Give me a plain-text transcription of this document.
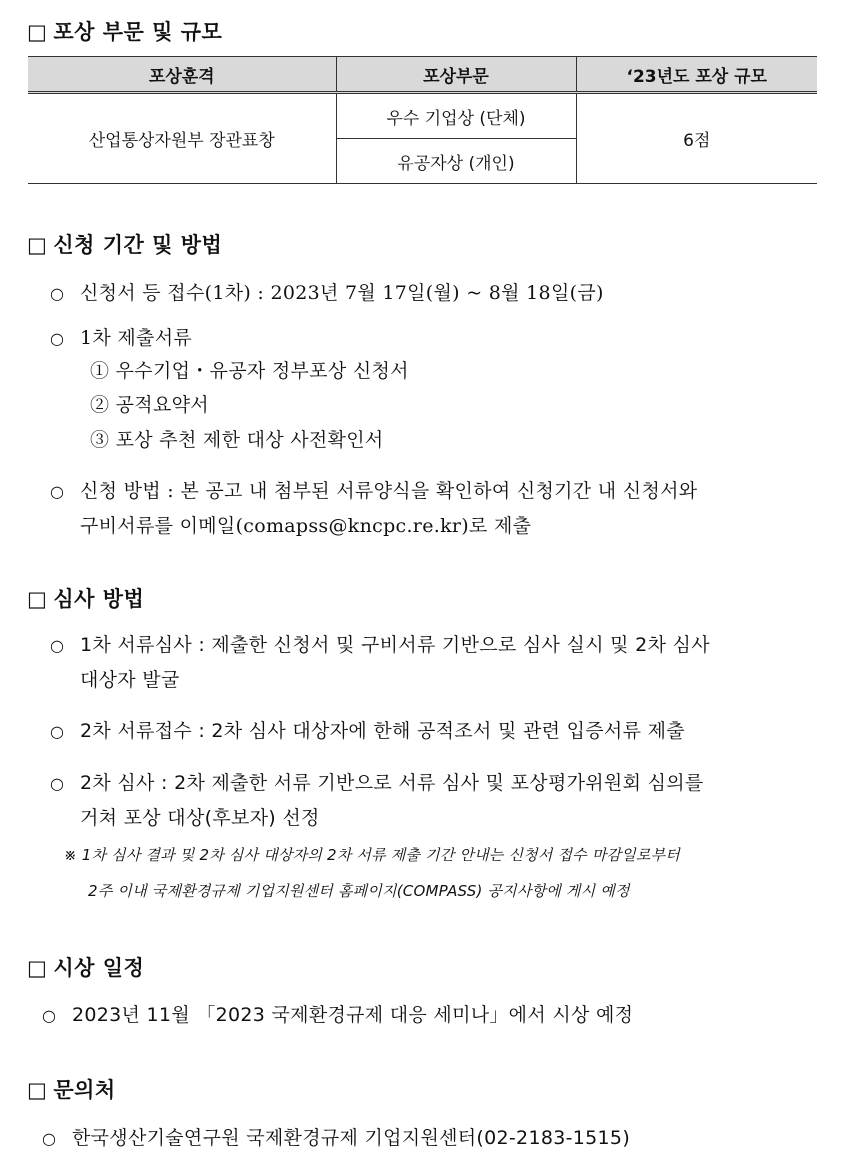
□ 포상 부문 및 규모
포상훈격	포상부문	‘23년도 포상 규모
산업통상자원부 장관표창	우수 기업상 (단체)	6점
	유공자상 (개인)	
□ 신청 기간 및 방법
○ 신청서 등 접수(1차) : 2023년 7월 17일(월) ~ 8월 18일(금)
○ 1차 제출서류
① 우수기업・유공자 정부포상 신청서
② 공적요약서
③ 포상 추천 제한 대상 사전확인서
○ 신청 방법 : 본 공고 내 첨부된 서류양식을 확인하여 신청기간 내 신청서와
구비서류를 이메일(comapss@kncpc.re.kr)로 제출
□ 심사 방법
○ 1차 서류심사 : 제출한 신청서 및 구비서류 기반으로 심사 실시 및 2차 심사
대상자 발굴
○ 2차 서류접수 : 2차 심사 대상자에 한해 공적조서 및 관련 입증서류 제출
○ 2차 심사 : 2차 제출한 서류 기반으로 서류 심사 및 포상평가위원회 심의를
거쳐 포상 대상(후보자) 선정
※ 1차 심사 결과 및 2차 심사 대상자의 2차 서류 제출 기간 안내는 신청서 접수 마감일로부터
2주 이내 국제환경규제 기업지원센터 홈페이지(COMPASS) 공지사항에 게시 예정
□ 시상 일정
○ 2023년 11월 「2023 국제환경규제 대응 세미나」에서 시상 예정
□ 문의처
○ 한국생산기술연구원 국제환경규제 기업지원센터(02-2183-1515)
